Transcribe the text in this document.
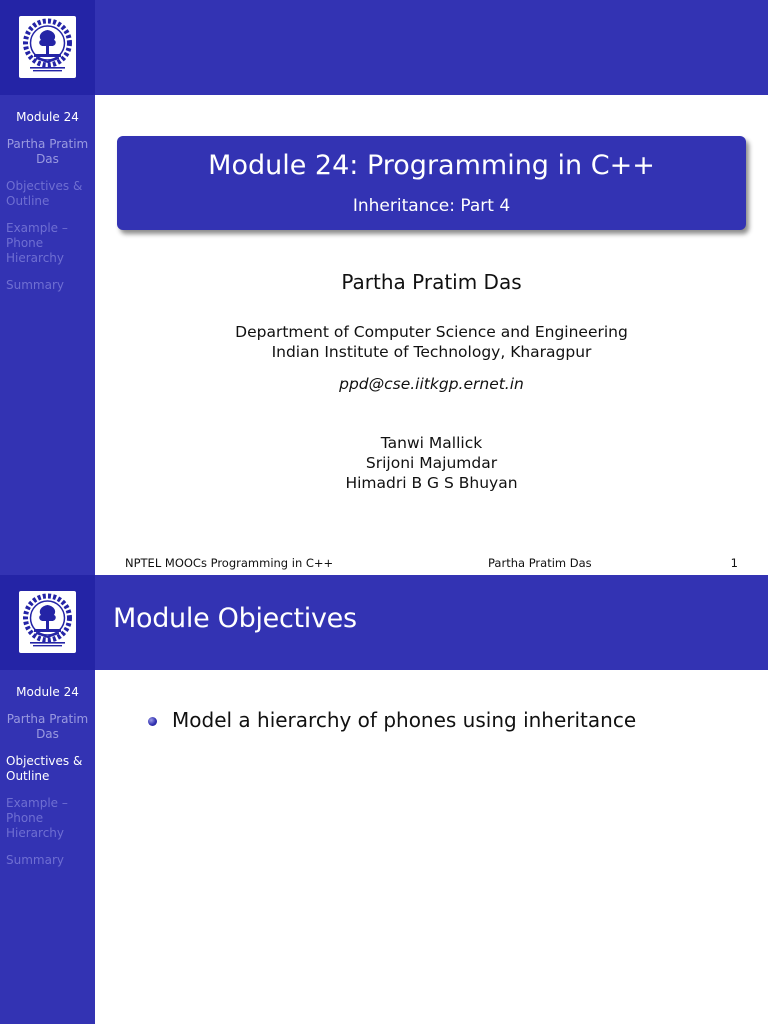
Module 24
Partha Pratim Das
Objectives & Outline
Example – Phone Hierarchy
Summary
Module 24: Programming in C++
Inheritance: Part 4
Partha Pratim Das
Department of Computer Science and Engineering
Indian Institute of Technology, Kharagpur
ppd@cse.iitkgp.ernet.in
Tanwi Mallick
Srijoni Majumdar
Himadri B G S Bhuyan
NPTEL MOOCs Programming in C++	Partha Pratim Das	1
Module 24
Partha Pratim Das
Objectives & Outline
Example – Phone Hierarchy
Summary
Module Objectives
Model a hierarchy of phones using inheritance
